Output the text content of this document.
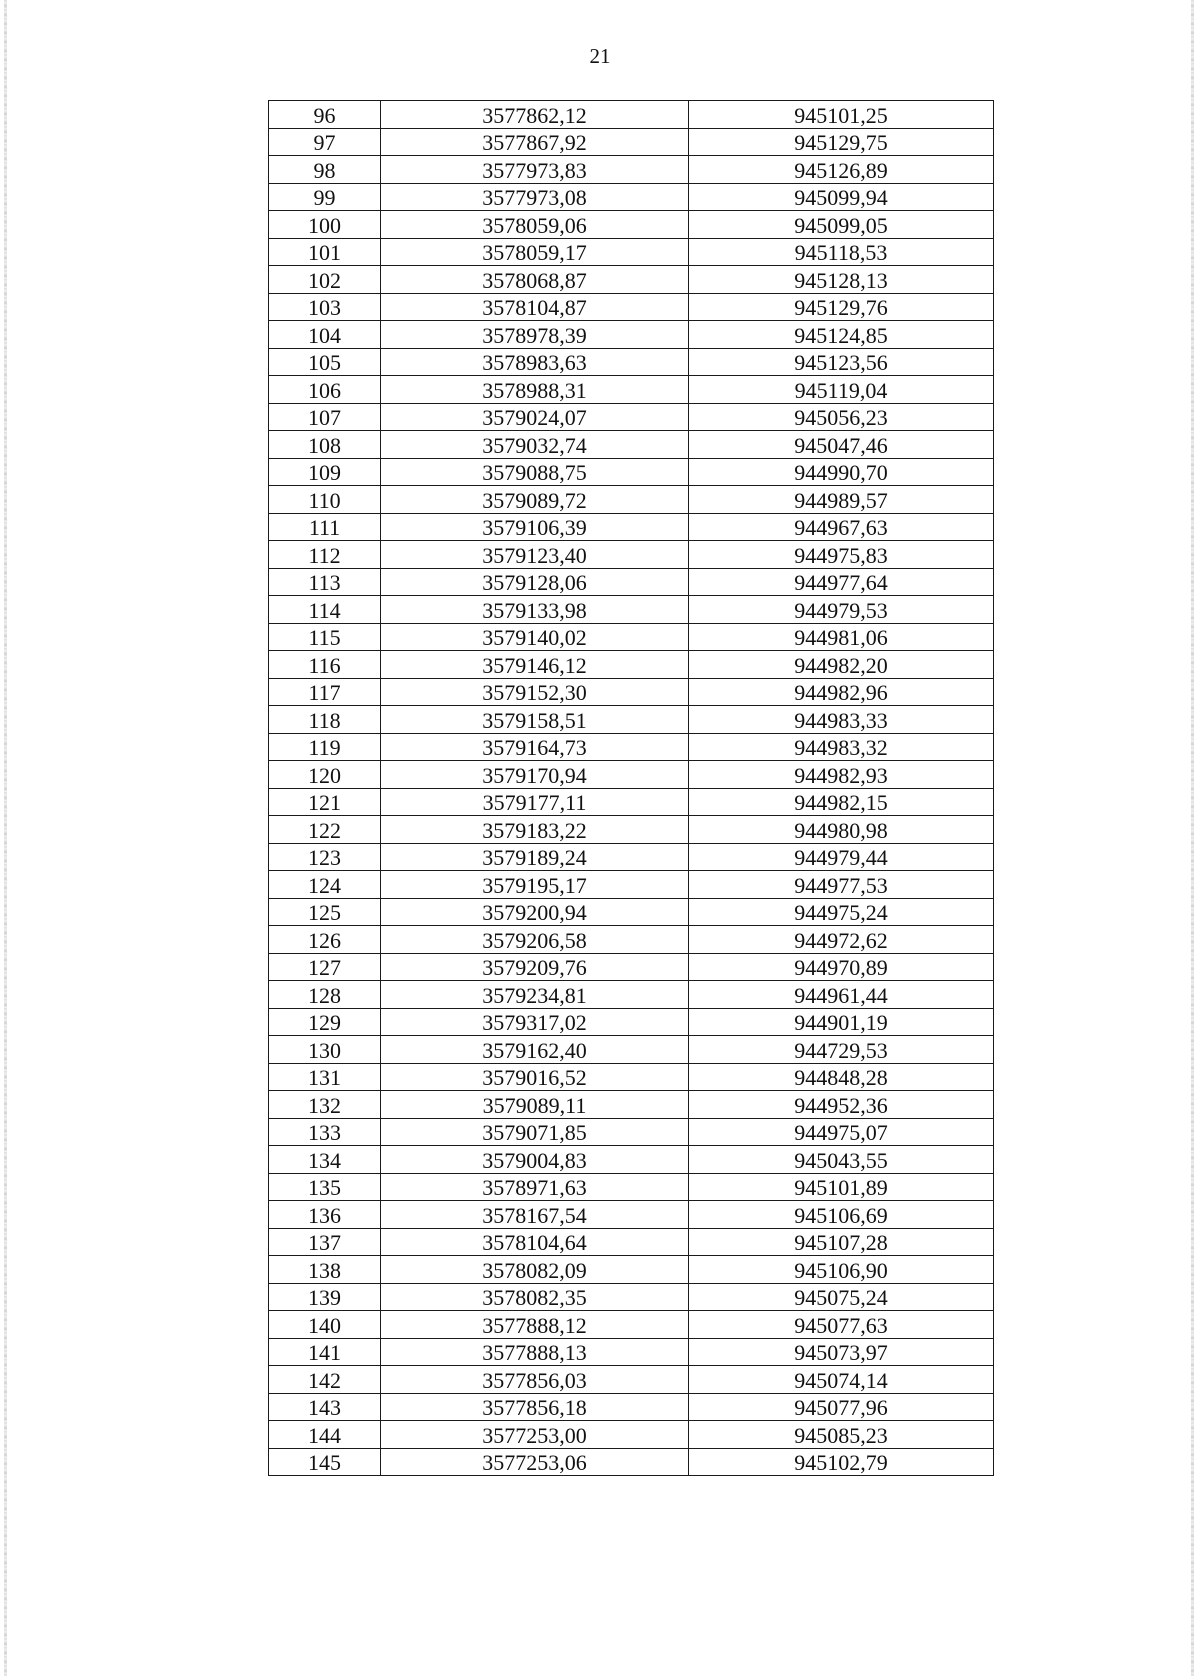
21
96	3577862,12	945101,25
97	3577867,92	945129,75
98	3577973,83	945126,89
99	3577973,08	945099,94
100	3578059,06	945099,05
101	3578059,17	945118,53
102	3578068,87	945128,13
103	3578104,87	945129,76
104	3578978,39	945124,85
105	3578983,63	945123,56
106	3578988,31	945119,04
107	3579024,07	945056,23
108	3579032,74	945047,46
109	3579088,75	944990,70
110	3579089,72	944989,57
111	3579106,39	944967,63
112	3579123,40	944975,83
113	3579128,06	944977,64
114	3579133,98	944979,53
115	3579140,02	944981,06
116	3579146,12	944982,20
117	3579152,30	944982,96
118	3579158,51	944983,33
119	3579164,73	944983,32
120	3579170,94	944982,93
121	3579177,11	944982,15
122	3579183,22	944980,98
123	3579189,24	944979,44
124	3579195,17	944977,53
125	3579200,94	944975,24
126	3579206,58	944972,62
127	3579209,76	944970,89
128	3579234,81	944961,44
129	3579317,02	944901,19
130	3579162,40	944729,53
131	3579016,52	944848,28
132	3579089,11	944952,36
133	3579071,85	944975,07
134	3579004,83	945043,55
135	3578971,63	945101,89
136	3578167,54	945106,69
137	3578104,64	945107,28
138	3578082,09	945106,90
139	3578082,35	945075,24
140	3577888,12	945077,63
141	3577888,13	945073,97
142	3577856,03	945074,14
143	3577856,18	945077,96
144	3577253,00	945085,23
145	3577253,06	945102,79
